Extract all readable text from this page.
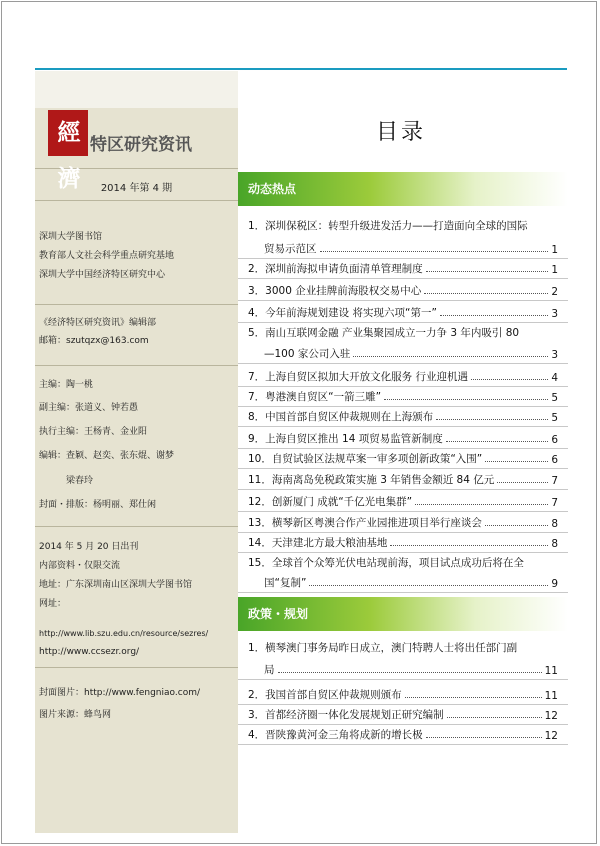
經濟
特区研究资讯
2014 年第 4 期
深圳大学图书馆
教育部人文社会科学重点研究基地
深圳大学中国经济特区研究中心
《经济特区研究资讯》编辑部
邮箱：szutqzx@163.com
主编：陶一桃
副主编：张道义、钟若愚
执行主编：王杨青、金业阳
编辑：查颖、赵奕、张东焜、谢梦
梁春玲
封面・排版：杨明丽、郑仕闲
2014 年 5 月 20 日出刊
内部资料・仅限交流
地址：广东深圳南山区深圳大学图书馆
网址：
http://www.lib.szu.edu.cn/resource/sezres/
http://www.ccsezr.org/
封面图片：http://www.fengniao.com/
图片来源：蜂鸟网
目录
动态热点
政策・规划
1．深圳保税区：转型升级进发活力——打造面向全球的国际
贸易示范区	1
2．深圳前海拟申请负面清单管理制度	1
3．3000 企业挂牌前海股权交易中心	2
4．今年前海规划建设 将实现六项“第一”	3
5．南山互联网金融 产业集聚园成立一力争 3 年内吸引 80
—100 家公司入驻	3
7．上海自贸区拟加大开放文化服务 行业迎机遇	4
7．粤港澳自贸区“一箭三雕”	5
8．中国首部自贸区仲裁规则在上海颁布	5
9．上海自贸区推出 14 项贸易监管新制度	6
10．自贸试验区法规草案一审多项创新政策“入围”	6
11．海南离岛免税政策实施 3 年销售金额近 84 亿元	7
12．创新厦门 成就“千亿光电集群”	7
13．横琴新区粤澳合作产业园推进项目举行座谈会	8
14．天津建北方最大粮油基地	8
15．全球首个众筹光伏电站现前海，项目试点成功后将在全
国“复制”	9
1．横琴澳门事务局昨日成立，澳门特聘人士将出任部门副
局	11
2．我国首部自贸区仲裁规则颁布	11
3．首都经济圈一体化发展规划正研究编制	12
4．晋陕豫黄河金三角将成新的增长极	12
